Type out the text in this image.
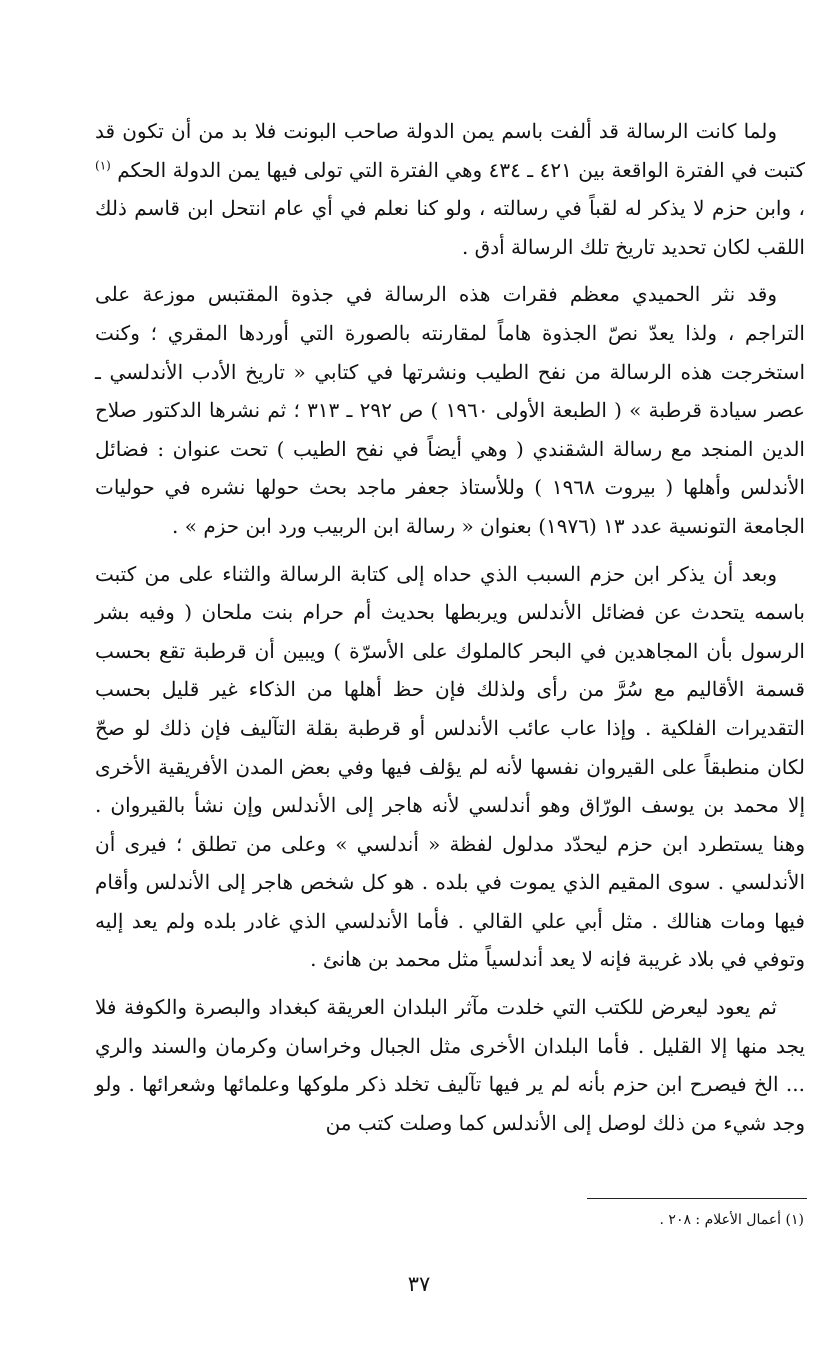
ولما كانت الرسالة قد ألفت باسم يمن الدولة صاحب البونت فلا بد من أن تكون قد كتبت في الفترة الواقعة بين ٤٢١ ـ ٤٣٤ وهي الفترة التي تولى فيها يمن الدولة الحكم $^{(١)}$ ، وابن حزم لا يذكر له لقباً في رسالته ، ولو كنا نعلم في أي عام انتحل ابن قاسم ذلك اللقب لكان تحديد تاريخ تلك الرسالة أدق .

وقد نثر الحميدي معظم فقرات هذه الرسالة في جذوة المقتبس موزعة على التراجم ، ولذا يعدّ نصّ الجذوة هاماً لمقارنته بالصورة التي أوردها المقري ؛ وكنت استخرجت هذه الرسالة من نفح الطيب ونشرتها في كتابي « تاريخ الأدب الأندلسي ـ عصر سيادة قرطبة » ( الطبعة الأولى ١٩٦٠ ) ص ٢٩٢ ـ ٣١٣ ؛ ثم نشرها الدكتور صلاح الدين المنجد مع رسالة الشقندي ( وهي أيضاً في نفح الطيب ) تحت عنوان : فضائل الأندلس وأهلها ( بيروت ١٩٦٨ ) وللأستاذ جعفر ماجد بحث حولها نشره في حوليات الجامعة التونسية عدد ١٣ (١٩٧٦) بعنوان « رسالة ابن الربيب ورد ابن حزم » .

وبعد أن يذكر ابن حزم السبب الذي حداه إلى كتابة الرسالة والثناء على من كتبت باسمه يتحدث عن فضائل الأندلس ويربطها بحديث أم حرام بنت ملحان ( وفيه بشر الرسول بأن المجاهدين في البحر كالملوك على الأسرّة ) ويبين أن قرطبة تقع بحسب قسمة الأقاليم مع سُرَّ من رأى ولذلك فإن حظ أهلها من الذكاء غير قليل بحسب التقديرات الفلكية . وإذا عاب عائب الأندلس أو قرطبة بقلة التآليف فإن ذلك لو صحّ لكان منطبقاً على القيروان نفسها لأنه لم يؤلف فيها وفي بعض المدن الأفريقية الأخرى إلا محمد بن يوسف الورّاق وهو أندلسي لأنه هاجر إلى الأندلس وإن نشأ بالقيروان . وهنا يستطرد ابن حزم ليحدّد مدلول لفظة « أندلسي » وعلى من تطلق ؛ فيرى أن الأندلسي . سوى المقيم الذي يموت في بلده . هو كل شخص هاجر إلى الأندلس وأقام فيها ومات هنالك . مثل أبي علي القالي . فأما الأندلسي الذي غادر بلده ولم يعد إليه وتوفي في بلاد غريبة فإنه لا يعد أندلسياً مثل محمد بن هانئ .

ثم يعود ليعرض للكتب التي خلدت مآثر البلدان العريقة كبغداد والبصرة والكوفة فلا يجد منها إلا القليل . فأما البلدان الأخرى مثل الجبال وخراسان وكرمان والسند والري ... الخ فيصرح ابن حزم بأنه لم ير فيها تآليف تخلد ذكر ملوكها وعلمائها وشعرائها . ولو وجد شيء من ذلك لوصل إلى الأندلس كما وصلت كتب من

(١) أعمال الأعلام : ٢٠٨ .
٣٧
